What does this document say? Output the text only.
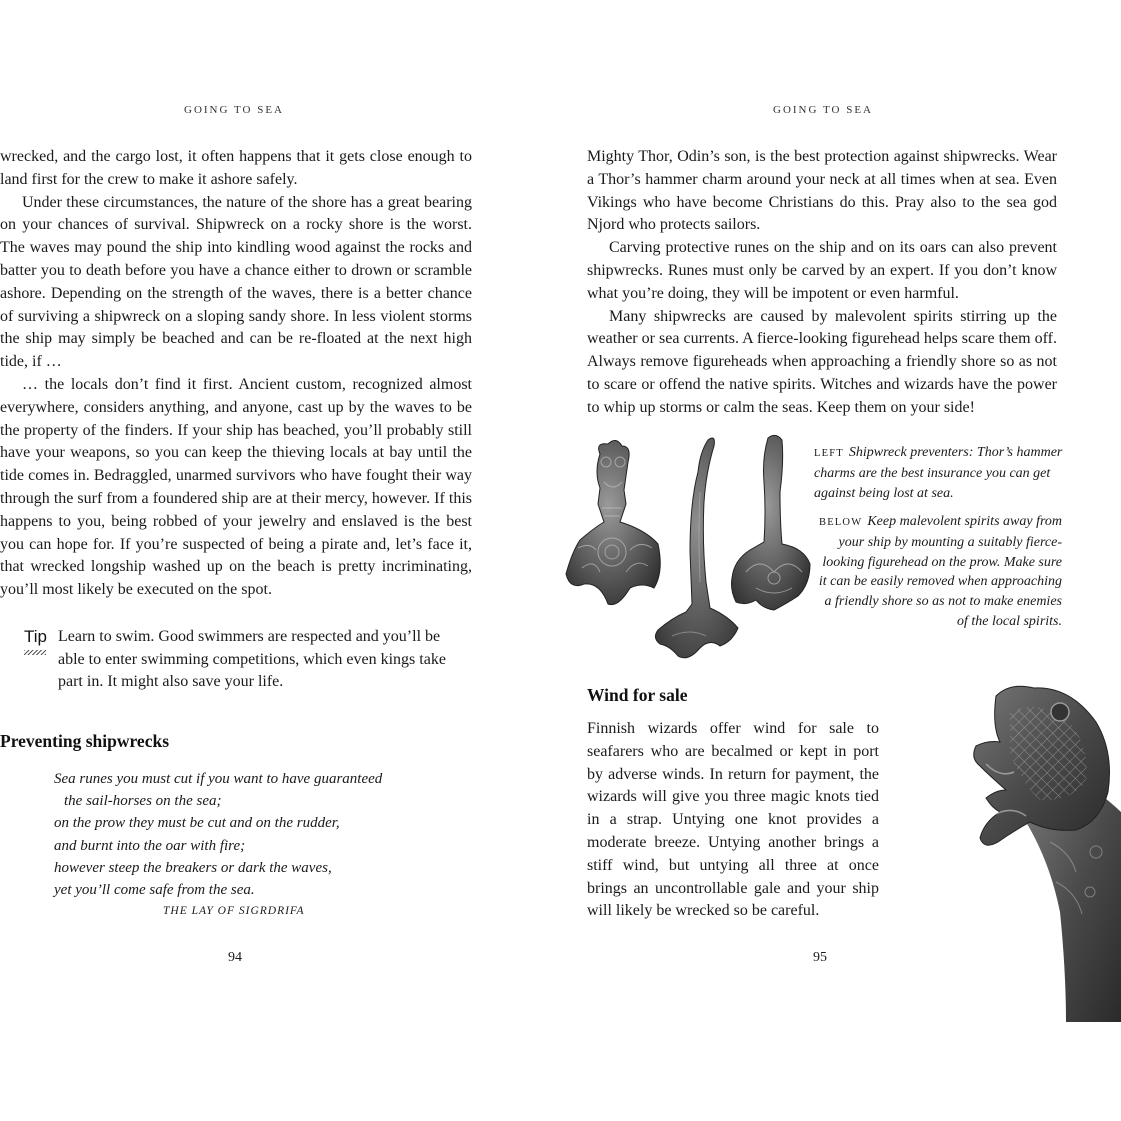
GOING TO SEA

wrecked, and the cargo lost, it often happens that it gets close enough to land first for the crew to make it ashore safely.

Under these circumstances, the nature of the shore has a great bearing on your chances of survival. Shipwreck on a rocky shore is the worst. The waves may pound the ship into kindling wood against the rocks and batter you to death before you have a chance either to drown or scramble ashore. Depending on the strength of the waves, there is a better chance of surviving a shipwreck on a sloping sandy shore. In less violent storms the ship may simply be beached and can be re-floated at the next high tide, if …

… the locals don’t find it first. Ancient custom, recognized almost everywhere, considers anything, and anyone, cast up by the waves to be the property of the finders. If your ship has beached, you’ll probably still have your weapons, so you can keep the thieving locals at bay until the tide comes in. Bedraggled, unarmed survivors who have fought their way through the surf from a foundered ship are at their mercy, however. If this happens to you, being robbed of your jewelry and enslaved is the best you can hope for. If you’re suspected of being a pirate and, let’s face it, that wrecked longship washed up on the beach is pretty incriminating, you’ll most likely be executed on the spot.

Tip Learn to swim. Good swimmers are respected and you’ll be able to enter swimming competitions, which even kings take part in. It might also save your life.
Preventing shipwrecks
Sea runes you must cut if you want to have guaranteed
the sail-horses on the sea;
on the prow they must be cut and on the rudder,
and burnt into the oar with fire;
however steep the breakers or dark the waves,
yet you’ll come safe from the sea.
THE LAY OF SIGRDRIFA
94
GOING TO SEA

Mighty Thor, Odin’s son, is the best protection against shipwrecks. Wear a Thor’s hammer charm around your neck at all times when at sea. Even Vikings who have become Christians do this. Pray also to the sea god Njord who protects sailors.

Carving protective runes on the ship and on its oars can also prevent shipwrecks. Runes must only be carved by an expert. If you don’t know what you’re doing, they will be impotent or even harmful.

Many shipwrecks are caused by malevolent spirits stirring up the weather or sea currents. A fierce-looking figurehead helps scare them off. Always remove figureheads when approaching a friendly shore so as not to scare or offend the native spirits. Witches and wizards have the power to whip up storms or calm the seas. Keep them on your side!

LEFT Shipwreck preventers: Thor’s hammer charms are the best insurance you can get against being lost at sea.
BELOW Keep malevolent spirits away from your ship by mounting a suitably fierce-looking figurehead on the prow. Make sure it can be easily removed when approaching a friendly shore so as not to make enemies of the local spirits.
Wind for sale

Finnish wizards offer wind for sale to seafarers who are becalmed or kept in port by adverse winds. In return for payment, the wizards will give you three magic knots tied in a strap. Untying one knot provides a moderate breeze. Untying another brings a stiff wind, but untying all three at once brings an uncontrollable gale and your ship will likely be wrecked so be careful.

95
